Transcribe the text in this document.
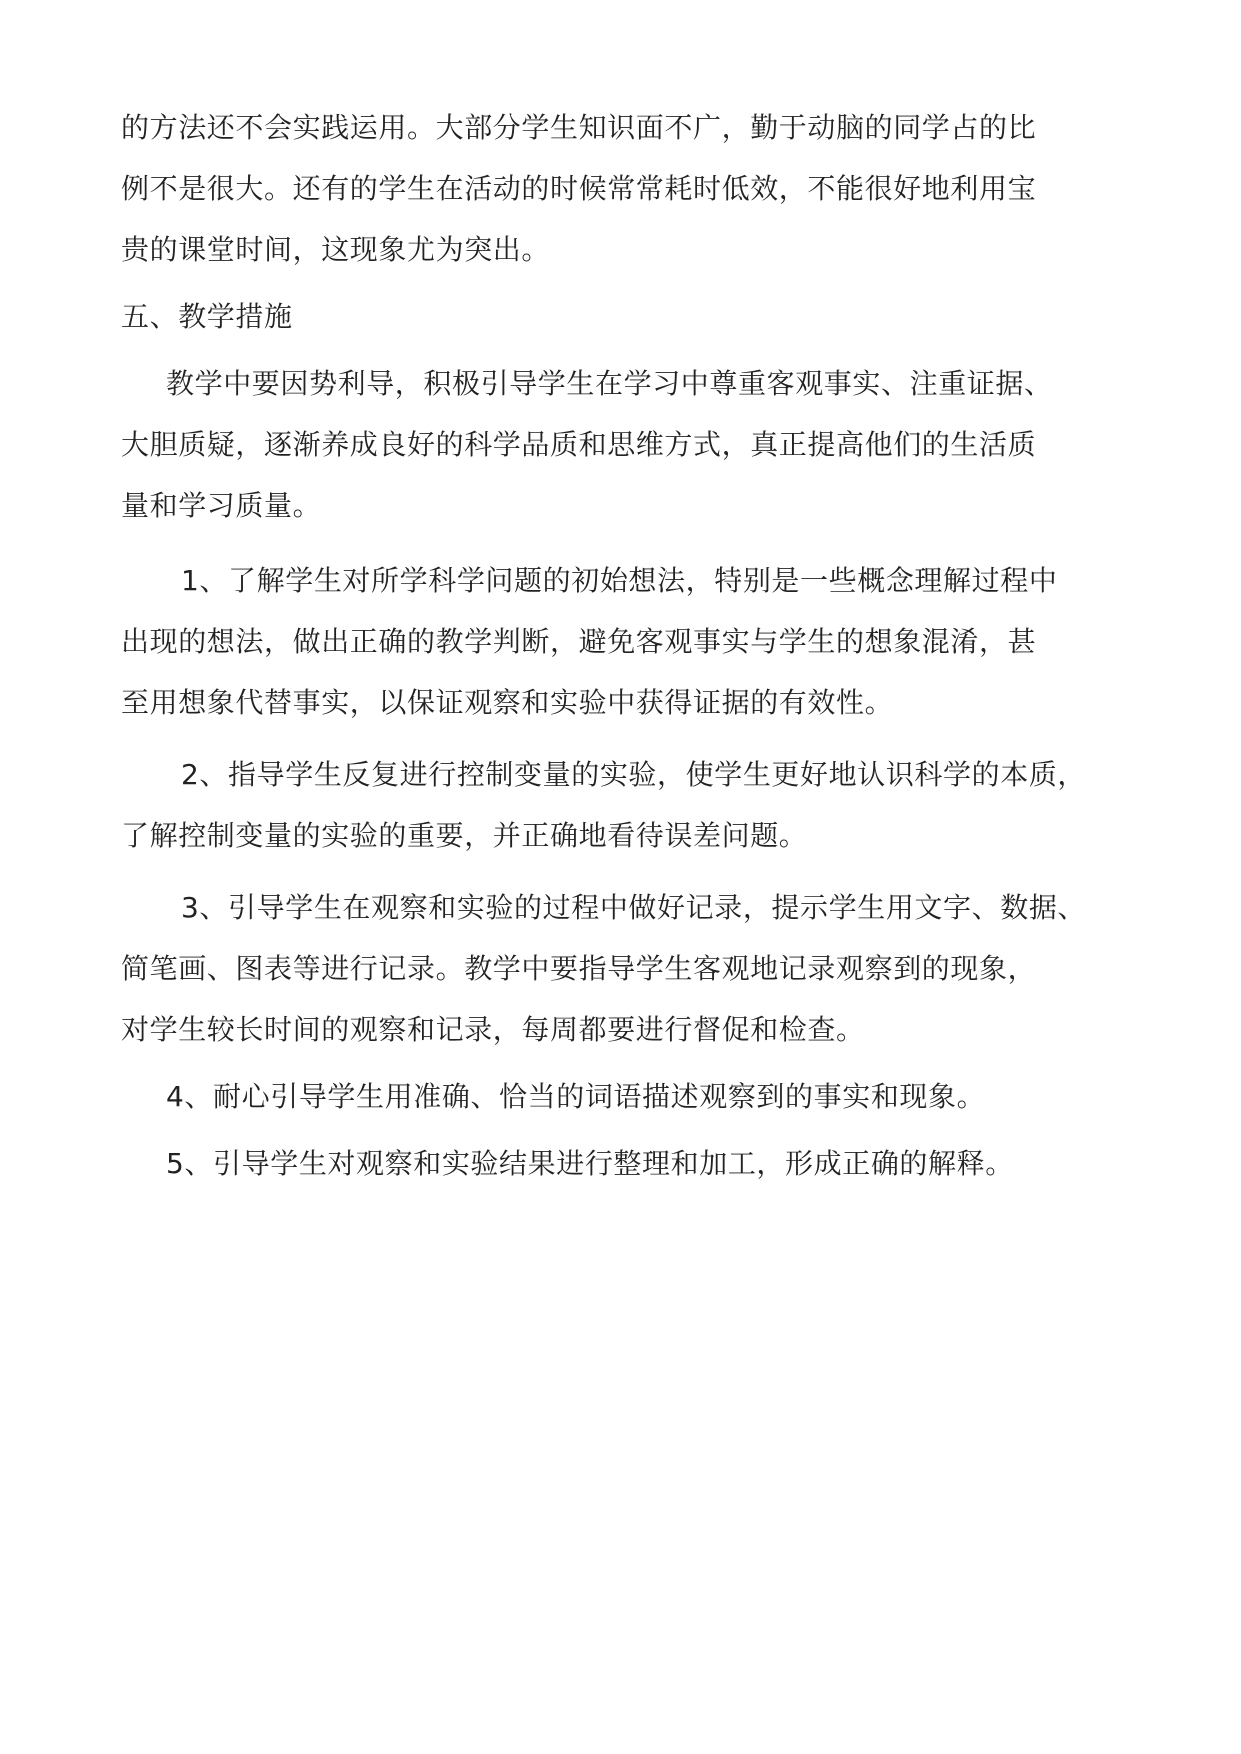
的方法还不会实践运用。大部分学生知识面不广，勤于动脑的同学占的比
例不是很大。还有的学生在活动的时候常常耗时低效，不能很好地利用宝
贵的课堂时间，这现象尤为突出。
五、教学措施
教学中要因势利导，积极引导学生在学习中尊重客观事实、注重证据、
大胆质疑，逐渐养成良好的科学品质和思维方式，真正提高他们的生活质
量和学习质量。
1、了解学生对所学科学问题的初始想法，特别是一些概念理解过程中
出现的想法，做出正确的教学判断，避免客观事实与学生的想象混淆，甚
至用想象代替事实，以保证观察和实验中获得证据的有效性。
2、指导学生反复进行控制变量的实验，使学生更好地认识科学的本质，
了解控制变量的实验的重要，并正确地看待误差问题。
3、引导学生在观察和实验的过程中做好记录，提示学生用文字、数据、
简笔画、图表等进行记录。教学中要指导学生客观地记录观察到的现象，
对学生较长时间的观察和记录，每周都要进行督促和检查。
4、耐心引导学生用准确、恰当的词语描述观察到的事实和现象。
5、引导学生对观察和实验结果进行整理和加工，形成正确的解释。
